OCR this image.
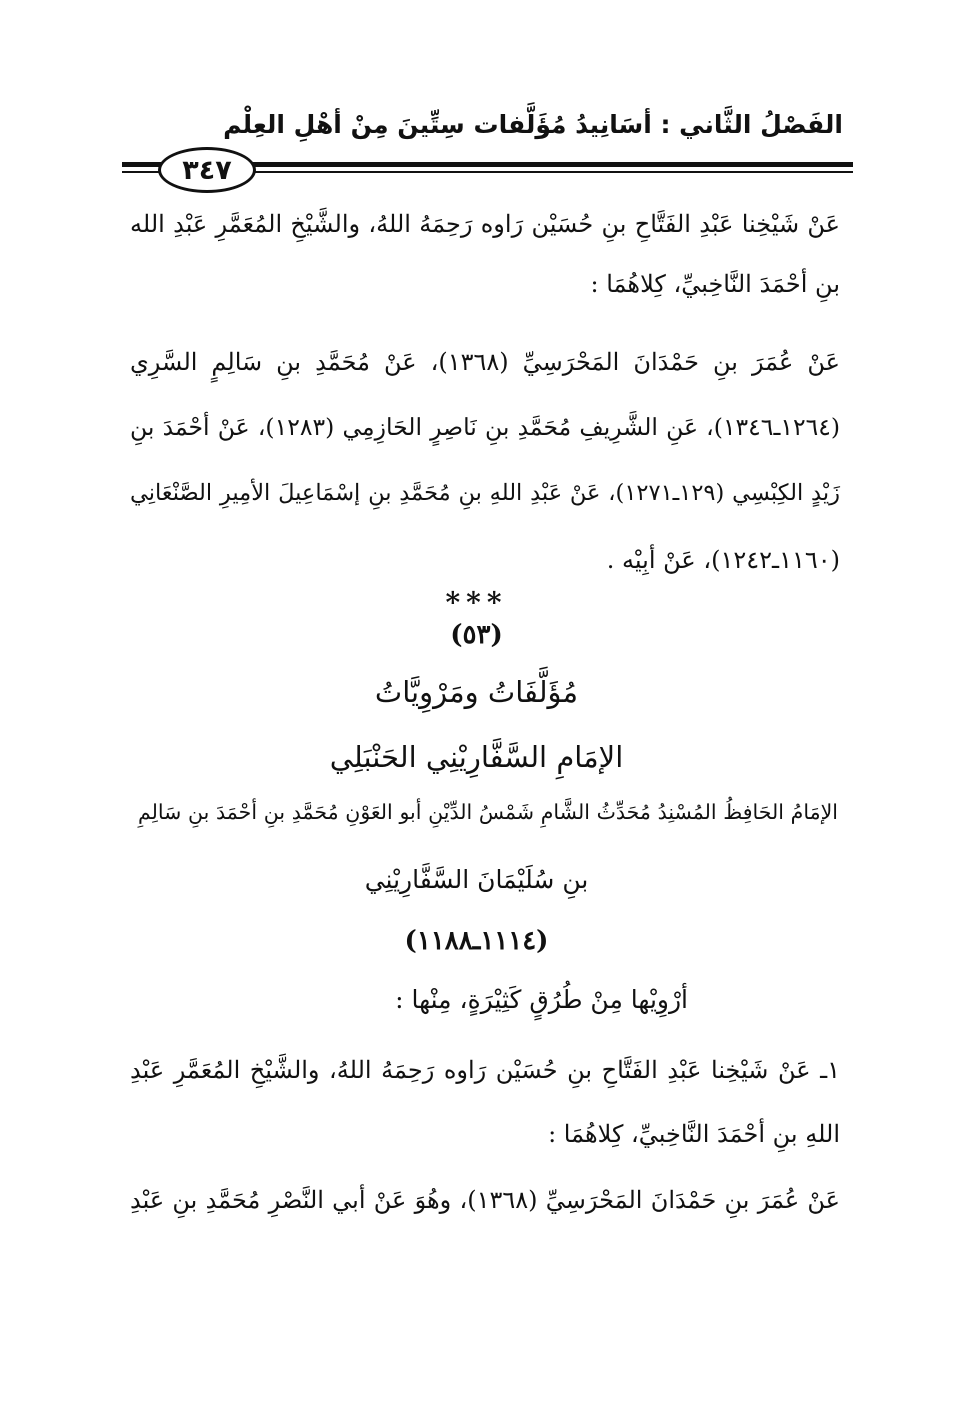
الفَصْلُ الثَّاني : أسَانِيدُ مُؤَلَّفات سِتِّينَ مِنْ أهْلِ العِلْم
٣٤٧
عَنْ شَيْخِنا عَبْدِ الفَتَّاحِ بنِ حُسَيْن رَاوه رَحِمَهُ اللهُ، والشَّيْخِ المُعَمَّرِ عَبْدِ الله
بنِ أحْمَدَ النَّاخِبيِّ، كِلاهُمَا :
عَنْ عُمَرَ بنِ حَمْدَانَ المَحْرَسِيِّ (١٣٦٨)، عَنْ مُحَمَّدِ بنِ سَالِمٍ السَّرِي
(١٢٦٤ـ١٣٤٦)، عَنِ الشَّرِيفِ مُحَمَّدِ بنِ نَاصِرٍ الحَازِمِي (١٢٨٣)، عَنْ أحْمَدَ بنِ
زَيْدٍ الكِبْسِي (١٢٩ـ١٢٧١)، عَنْ عَبْدِ اللهِ بنِ مُحَمَّدِ بنِ إسْمَاعِيلَ الأمِيرِ الصَّنْعَانِي
(١١٦٠ـ١٢٤٢)، عَنْ أبِيْه .
***
(٥٣)
مُؤَلَّفَاتُ ومَرْوِيَّاتُ
الإمَامِ السَّفَّارِيْنِي الحَنْبَلِي
الإمَامُ الحَافِظُ المُسْنِدُ مُحَدِّثُ الشَّامِ شَمْسُ الدِّيْنِ أبو العَوْنِ مُحَمَّدِ بنِ أحْمَدَ بنِ سَالِمِ
بنِ سُلَيْمَانَ السَّفَّارِيْنِي
(١١١٤ـ١١٨٨)
أرْوِيْها مِنْ طُرُقٍ كَثِيْرَةٍ، مِنْها :
١ـ عَنْ شَيْخِنا عَبْدِ الفَتَّاحِ بنِ حُسَيْن رَاوه رَحِمَهُ اللهُ، والشَّيْخِ المُعَمَّرِ عَبْدِ
اللهِ بنِ أحْمَدَ النَّاخِبيِّ، كِلاهُمَا :
عَنْ عُمَرَ بنِ حَمْدَانَ المَحْرَسِيِّ (١٣٦٨)، وهُوَ عَنْ أبي النَّصْرِ مُحَمَّدِ بنِ عَبْدِ
